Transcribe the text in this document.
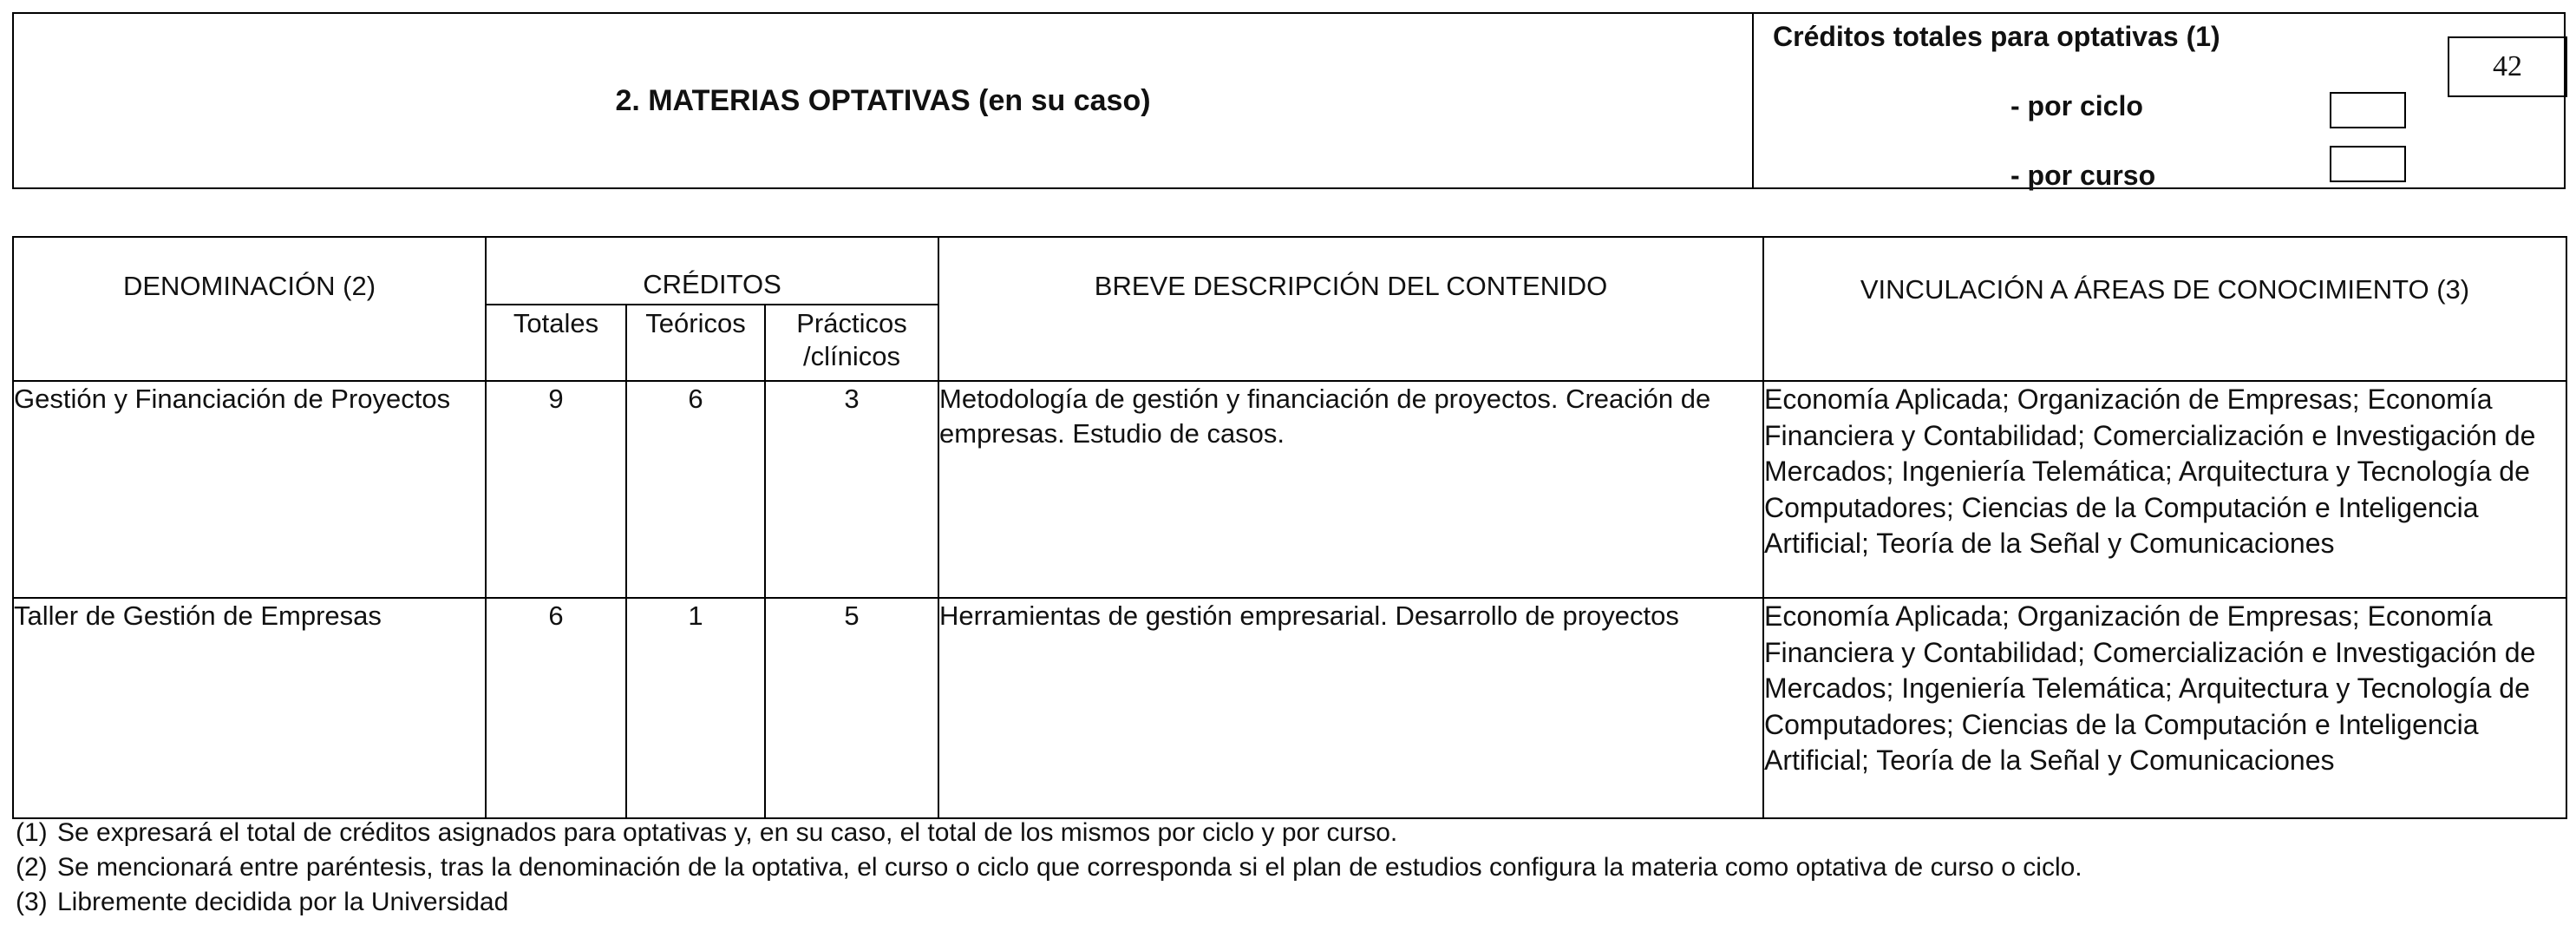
2. MATERIAS OPTATIVAS (en su caso)
Créditos totales para optativas (1)
42
- por ciclo
- por curso
DENOMINACIÓN (2)	CRÉDITOS			BREVE DESCRIPCIÓN DEL CONTENIDO	VINCULACIÓN A ÁREAS DE CONOCIMIENTO (3)
	Totales	Teóricos	Prácticos /clínicos		
Gestión y Financiación de Proyectos	9	6	3	Metodología de gestión y financiación de proyectos. Creación de empresas. Estudio de casos.	Economía Aplicada; Organización de Empresas; Economía Financiera y Contabilidad; Comercialización e Investigación de Mercados; Ingeniería Telemática; Arquitectura y Tecnología de Computadores; Ciencias de la Computación e Inteligencia Artificial; Teoría de la Señal y Comunicaciones
Taller de Gestión de Empresas	6	1	5	Herramientas de gestión empresarial. Desarrollo de proyectos	Economía Aplicada; Organización de Empresas; Economía Financiera y Contabilidad; Comercialización e Investigación de Mercados; Ingeniería Telemática; Arquitectura y Tecnología de Computadores; Ciencias de la Computación e Inteligencia Artificial; Teoría de la Señal y Comunicaciones
(1) Se expresará el total de créditos asignados para optativas y, en su caso, el total de los mismos por ciclo y por curso.
(2) Se mencionará entre paréntesis, tras la denominación de la optativa, el curso o ciclo que corresponda si el plan de estudios configura la materia como optativa de curso o ciclo.
(3) Libremente decidida por la Universidad
